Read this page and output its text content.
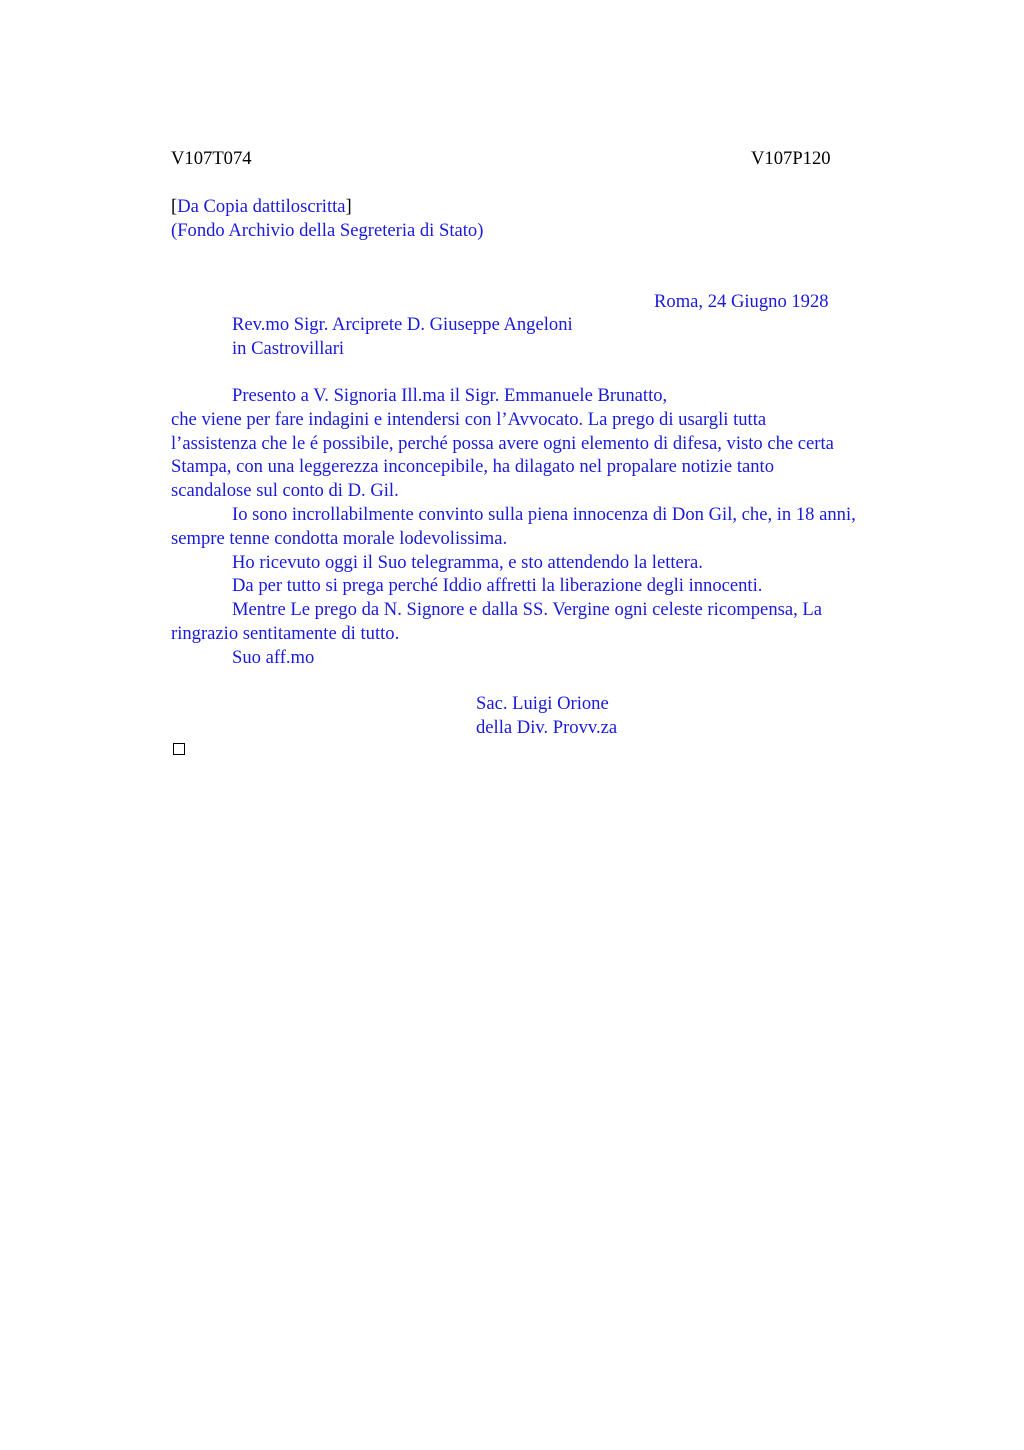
V107T074	V107P120
[Da Copia dattiloscritta]
(Fondo Archivio della Segreteria di Stato)
Roma, 24 Giugno 1928
Rev.mo Sigr. Arciprete D. Giuseppe Angeloni
in Castrovillari
Presento a V. Signoria Ill.ma il Sigr. Emmanuele Brunatto,
che viene per fare indagini e intendersi con l’Avvocato. La prego di usargli tutta
l’assistenza che le é possibile, perché possa avere ogni elemento di difesa, visto che certa
Stampa, con una leggerezza inconcepibile, ha dilagato nel propalare notizie tanto
scandalose sul conto di D. Gil.
Io sono incrollabilmente convinto sulla piena innocenza di Don Gil, che, in 18 anni,
sempre tenne condotta morale lodevolissima.
Ho ricevuto oggi il Suo telegramma, e sto attendendo la lettera.
Da per tutto si prega perché Iddio affretti la liberazione degli innocenti.
Mentre Le prego da N. Signore e dalla SS. Vergine ogni celeste ricompensa, La
ringrazio sentitamente di tutto.
Suo aff.mo
Sac. Luigi Orione
della Div. Provv.za
